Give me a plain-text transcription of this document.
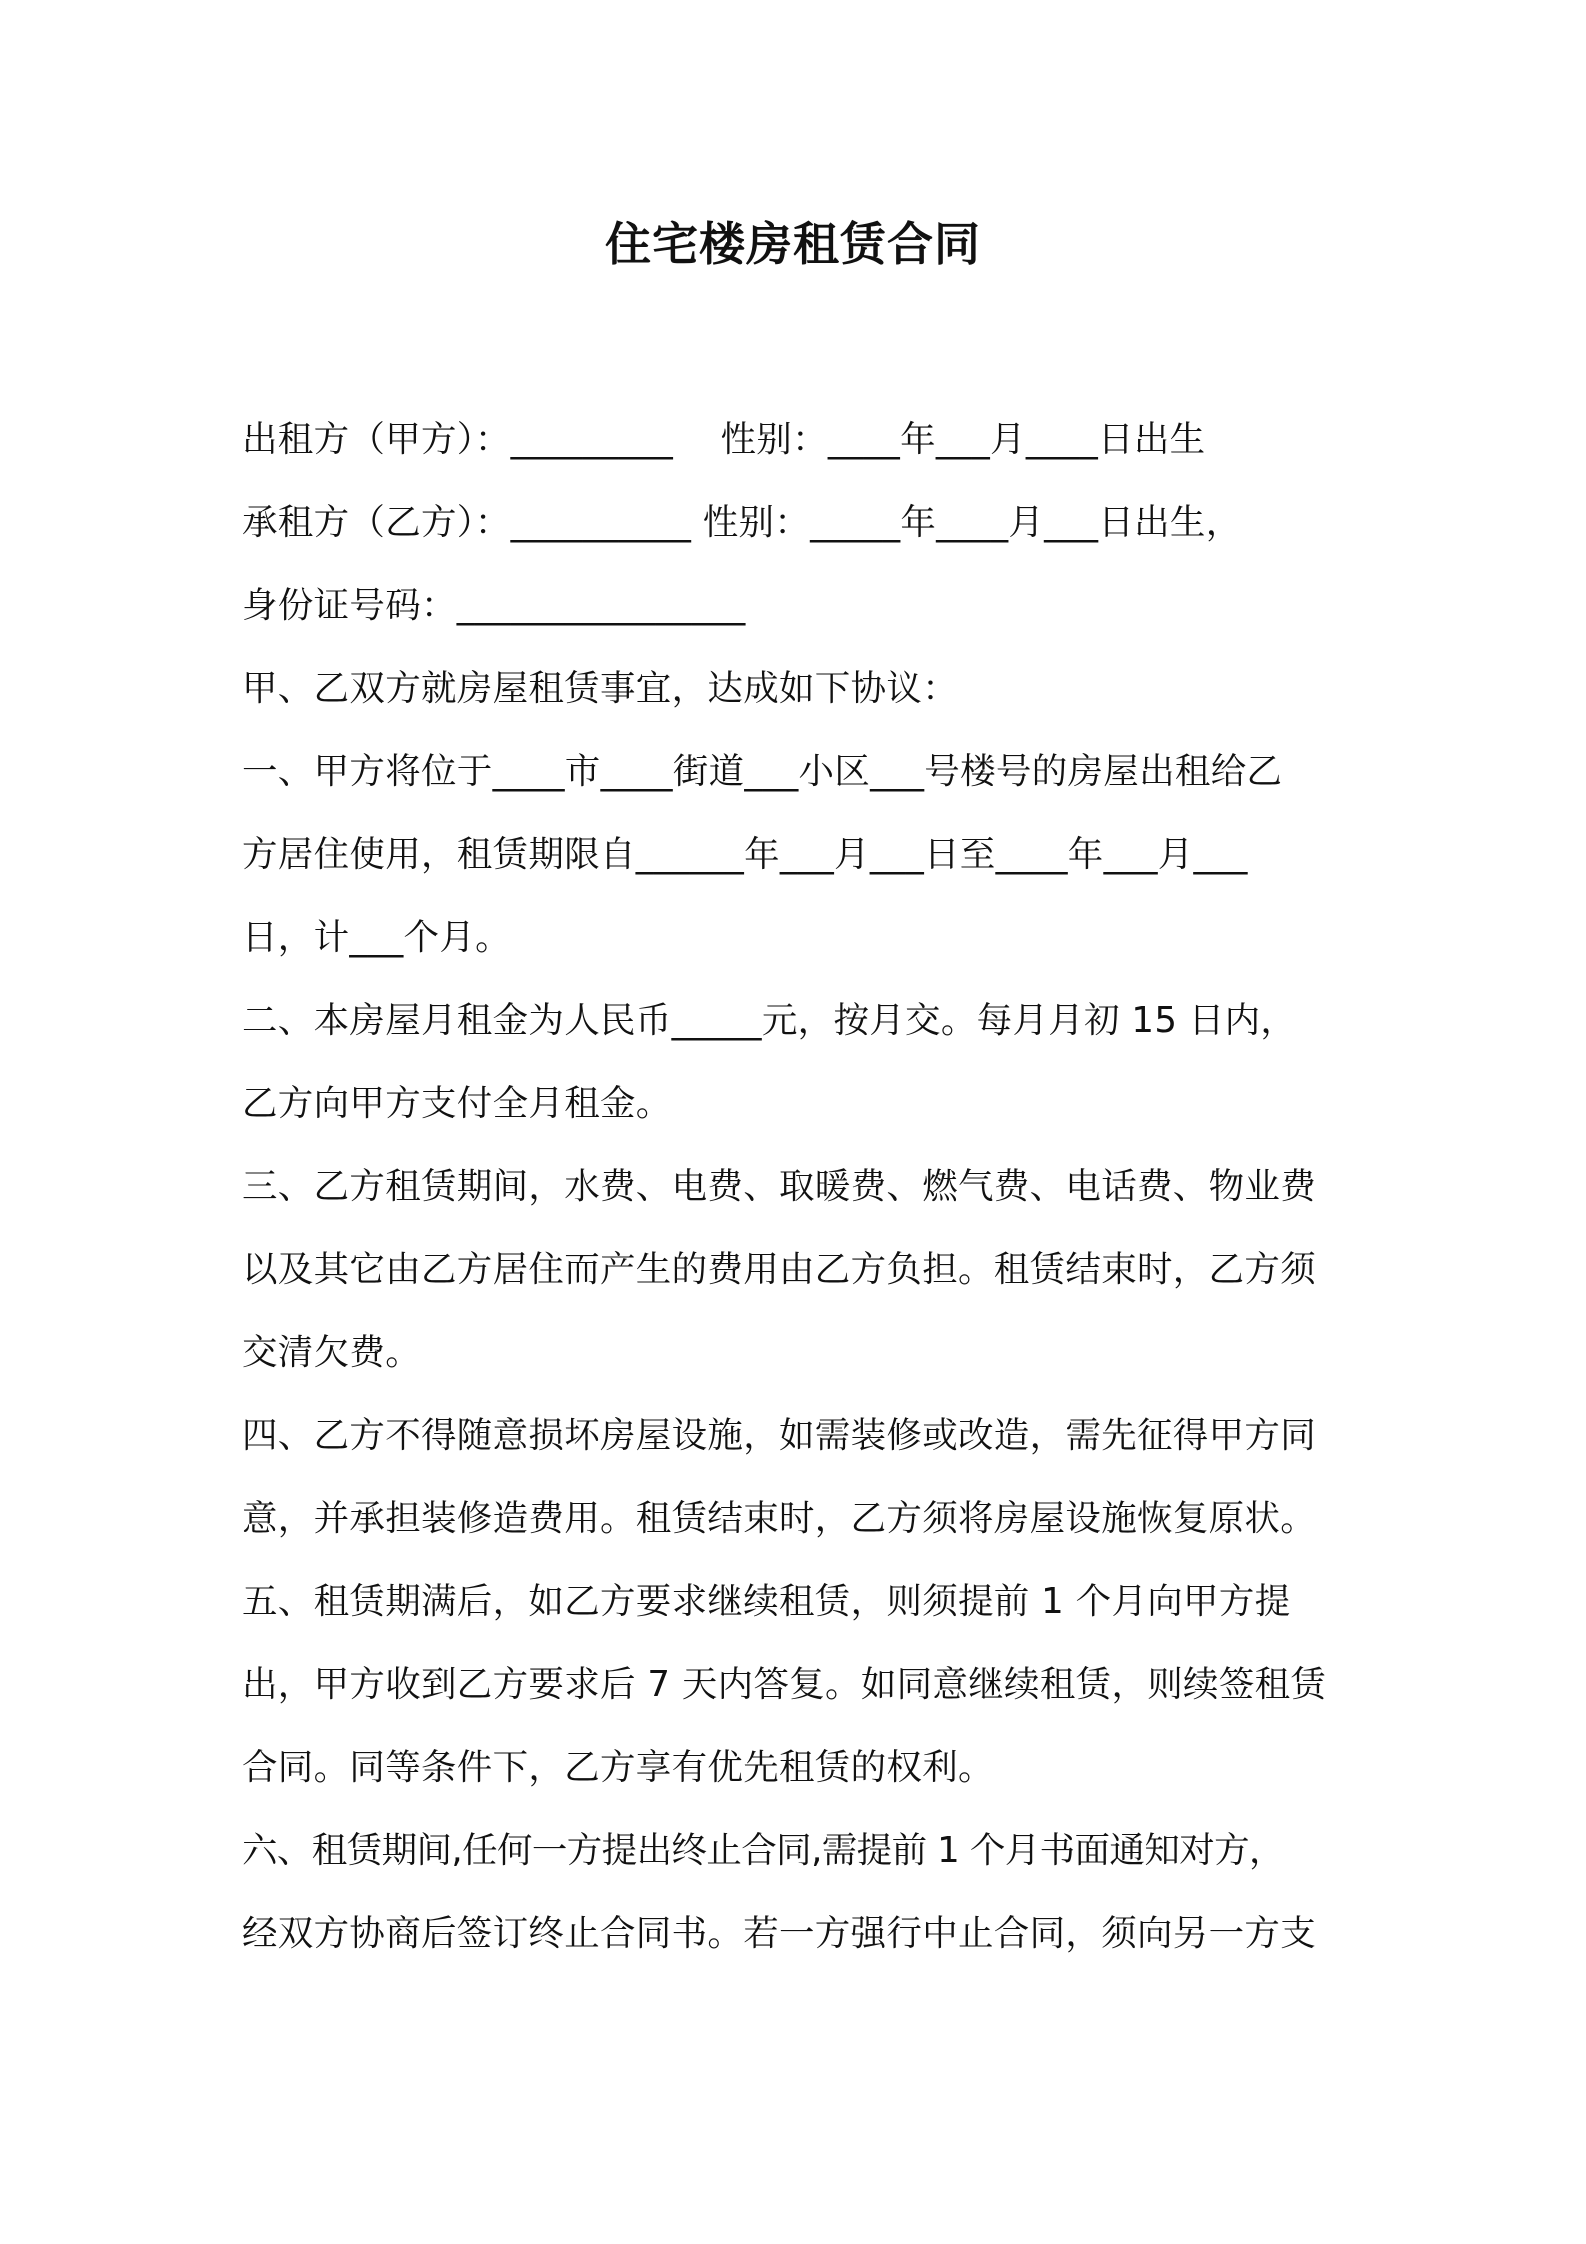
住宅楼房租赁合同
出租方（甲方）：_________　 性别：____年___月____日出生
承租方（乙方）：__________ 性别：_____年____月___日出生，
身份证号码：________________
甲、乙双方就房屋租赁事宜，达成如下协议：
一、甲方将位于____市____街道___小区___号楼号的房屋出租给乙
方居住使用，租赁期限自______年___月___日至____年___月___
日，计___个月。
二、本房屋月租金为人民币_____元，按月交。每月月初 15 日内，
乙方向甲方支付全月租金。
三、乙方租赁期间，水费、电费、取暖费、燃气费、电话费、物业费
以及其它由乙方居住而产生的费用由乙方负担。租赁结束时，乙方须
交清欠费。
四、乙方不得随意损坏房屋设施，如需装修或改造，需先征得甲方同
意，并承担装修造费用。租赁结束时，乙方须将房屋设施恢复原状。
五、租赁期满后，如乙方要求继续租赁，则须提前 1 个月向甲方提
出，甲方收到乙方要求后 7 天内答复。如同意继续租赁，则续签租赁
合同。同等条件下，乙方享有优先租赁的权利。
六、租赁期间,任何一方提出终止合同,需提前 1 个月书面通知对方，
经双方协商后签订终止合同书。若一方强行中止合同，须向另一方支
